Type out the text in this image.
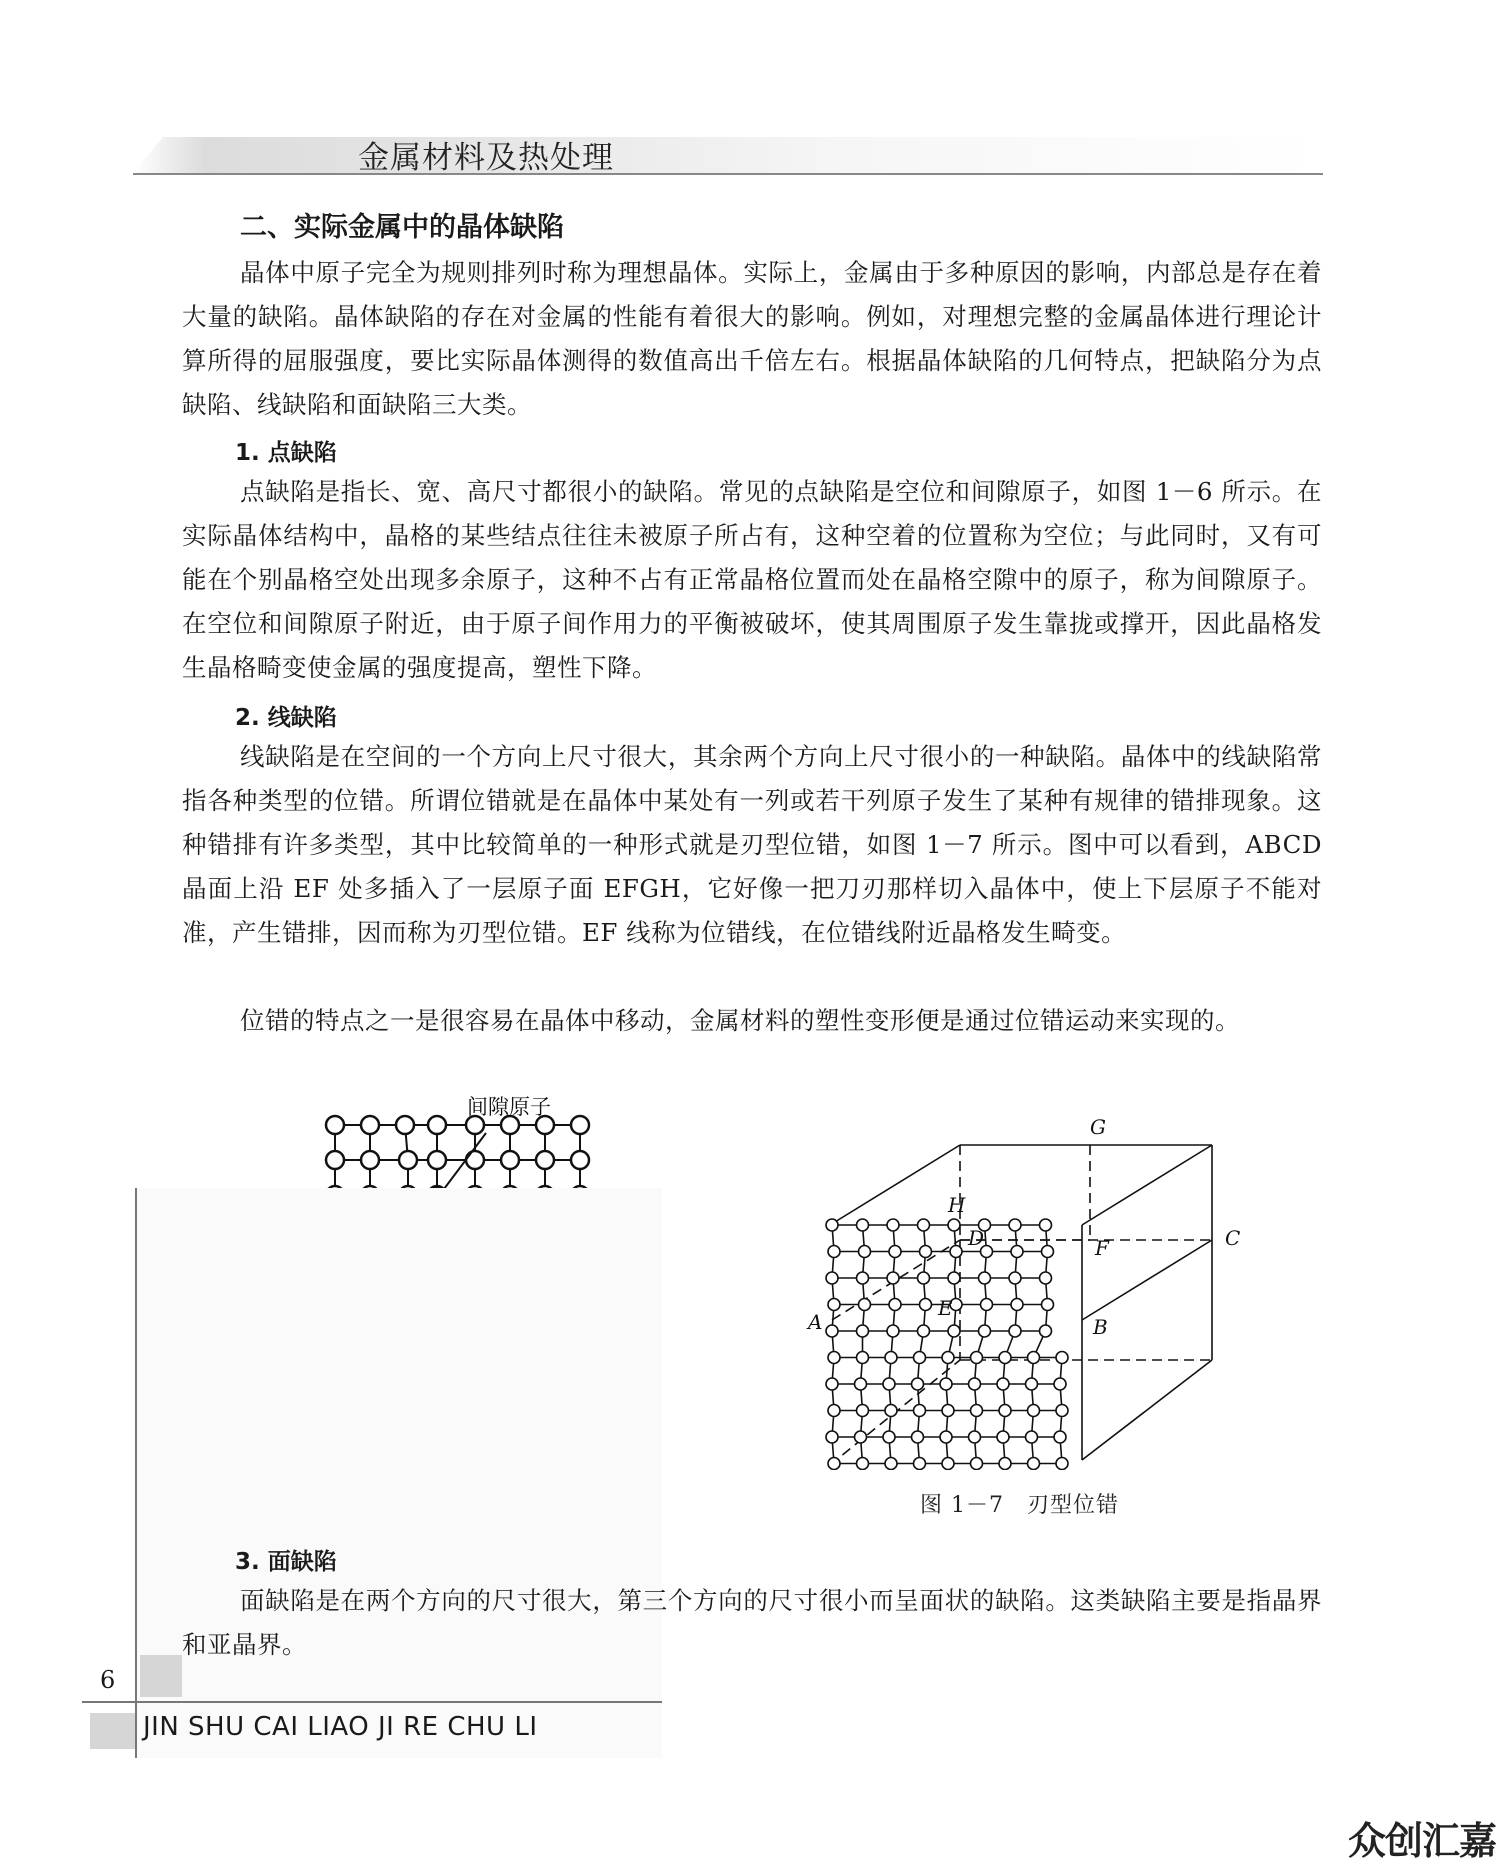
金属材料及热处理
二、实际金属中的晶体缺陷

晶体中原子完全为规则排列时称为理想晶体。实际上，金属由于多种原因的影响，内部总是存在着大量的缺陷。晶体缺陷的存在对金属的性能有着很大的影响。例如，对理想完整的金属晶体进行理论计算所得的屈服强度，要比实际晶体测得的数值高出千倍左右。根据晶体缺陷的几何特点，把缺陷分为点缺陷、线缺陷和面缺陷三大类。

1. 点缺陷

点缺陷是指长、宽、高尺寸都很小的缺陷。常见的点缺陷是空位和间隙原子，如图 1－6 所示。在实际晶体结构中，晶格的某些结点往往未被原子所占有，这种空着的位置称为空位；与此同时，又有可能在个别晶格空处出现多余原子，这种不占有正常晶格位置而处在晶格空隙中的原子，称为间隙原子。在空位和间隙原子附近，由于原子间作用力的平衡被破坏，使其周围原子发生靠拢或撑开，因此晶格发生晶格畸变使金属的强度提高，塑性下降。

2. 线缺陷

线缺陷是在空间的一个方向上尺寸很大，其余两个方向上尺寸很小的一种缺陷。晶体中的线缺陷常指各种类型的位错。所谓位错就是在晶体中某处有一列或若干列原子发生了某种有规律的错排现象。这种错排有许多类型，其中比较简单的一种形式就是刃型位错，如图 1－7 所示。图中可以看到，ABCD 晶面上沿 EF 处多插入了一层原子面 EFGH，它好像一把刀刃那样切入晶体中，使上下层原子不能对准，产生错排，因而称为刃型位错。EF 线称为位错线，在位错线附近晶格发生畸变。

位错的特点之一是很容易在晶体中移动，金属材料的塑性变形便是通过位错运动来实现的。

间隙原子
G
H
D	F	C
E
A	B
图 1－7　刃型位错
3. 面缺陷

面缺陷是在两个方向的尺寸很大，第三个方向的尺寸很小而呈面状的缺陷。这类缺陷主要是指晶界和亚晶界。

6
JIN SHU CAI LIAO JI RE CHU LI
众创汇嘉
